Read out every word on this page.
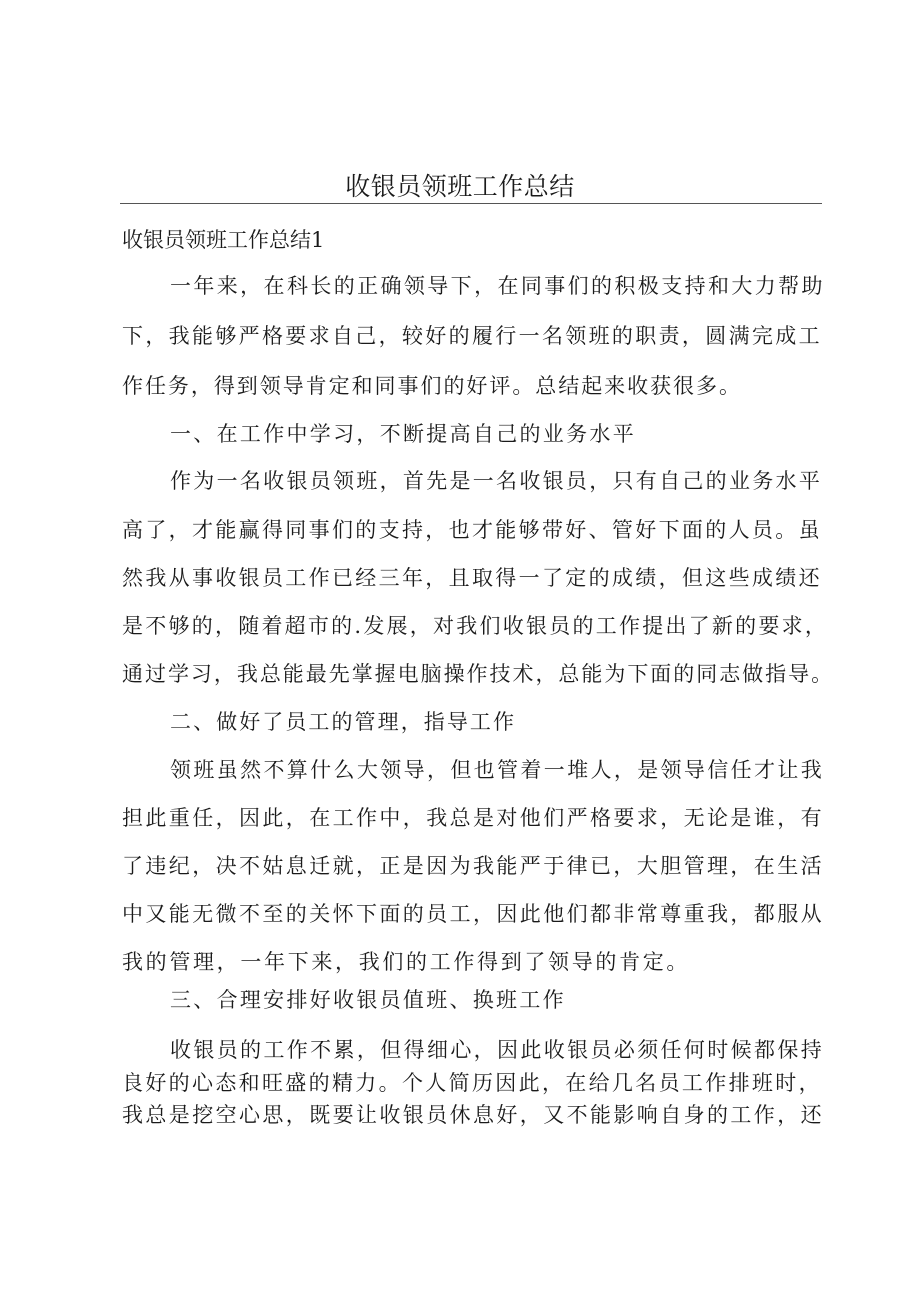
收银员领班工作总结
收银员领班工作总结1
一年来，在科长的正确领导下，在同事们的积极支持和大力帮助
下，我能够严格要求自己，较好的履行一名领班的职责，圆满完成工
作任务，得到领导肯定和同事们的好评。总结起来收获很多。
一、在工作中学习，不断提高自己的业务水平
作为一名收银员领班，首先是一名收银员，只有自己的业务水平
高了，才能赢得同事们的支持，也才能够带好、管好下面的人员。虽
然我从事收银员工作已经三年，且取得一了定的成绩，但这些成绩还
是不够的，随着超市的.发展，对我们收银员的工作提出了新的要求，
通过学习，我总能最先掌握电脑操作技术，总能为下面的同志做指导。
二、做好了员工的管理，指导工作
领班虽然不算什么大领导，但也管着一堆人，是领导信任才让我
担此重任，因此，在工作中，我总是对他们严格要求，无论是谁，有
了违纪，决不姑息迁就，正是因为我能严于律已，大胆管理，在生活
中又能无微不至的关怀下面的员工，因此他们都非常尊重我，都服从
我的管理，一年下来，我们的工作得到了领导的肯定。
三、合理安排好收银员值班、换班工作
收银员的工作不累，但得细心，因此收银员必须任何时候都保持
良好的心态和旺盛的精力。个人简历因此，在给几名员工作排班时，
我总是挖空心思，既要让收银员休息好，又不能影响自身的工作，还
